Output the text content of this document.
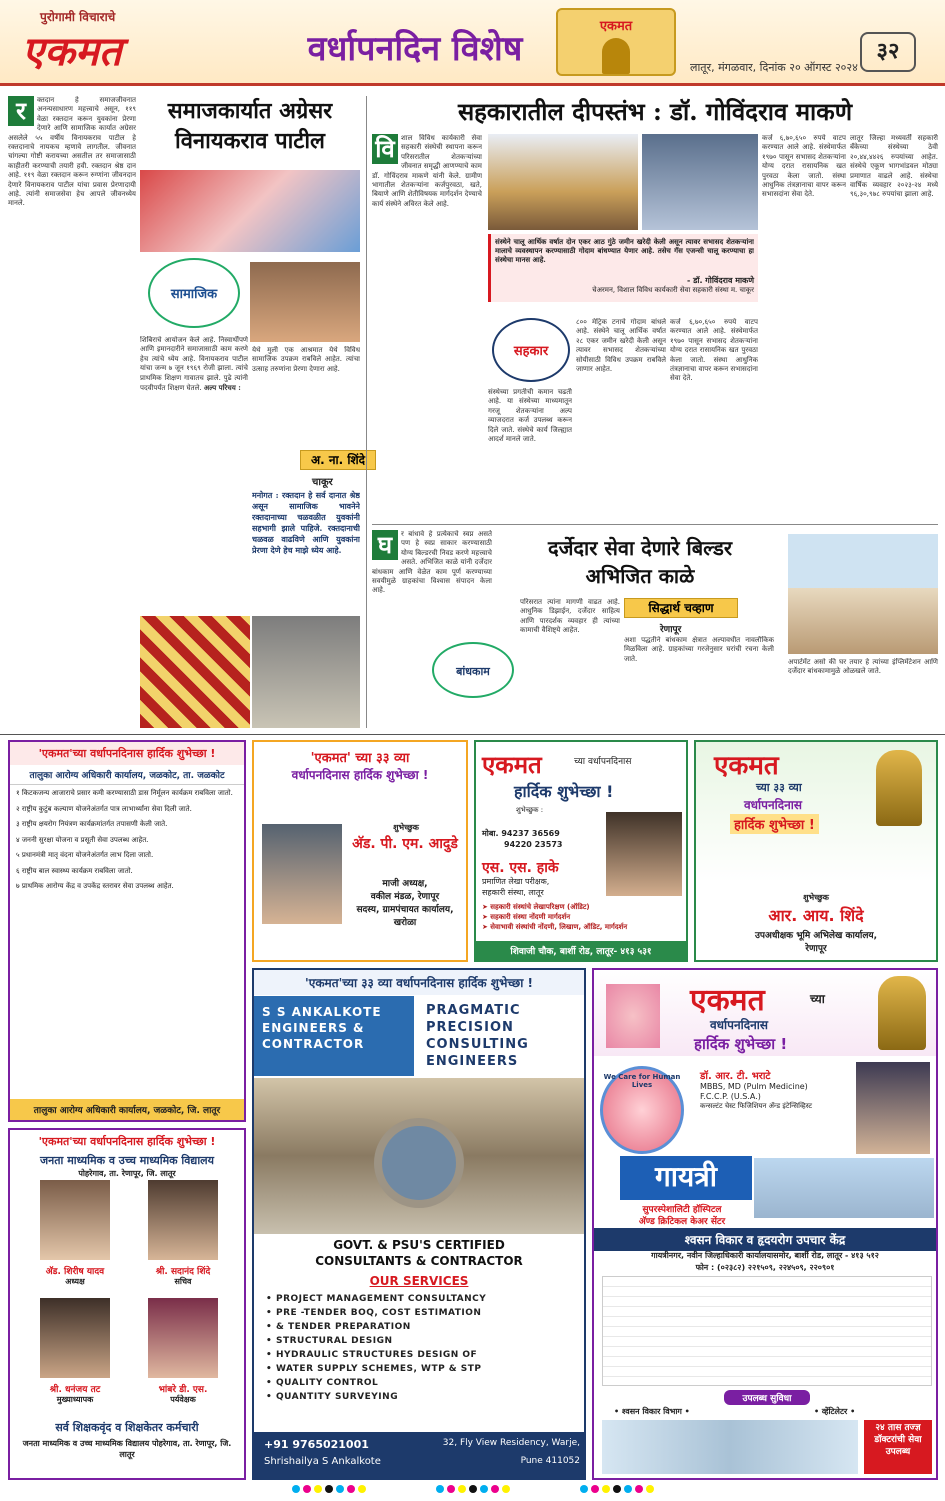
पुरोगामी विचाराचे
एकमत	वर्धापनदिन विशेष
एकमत
३२
लातूर, मंगळवार, दिनांक २० ऑगस्ट २०२४
र	क्तदान हे समाजजीवनात अनन्यसाधारण महत्त्वाचे असून, ११९ वेळा रक्तदान करून युवकांना प्रेरणा देणारे आणि सामाजिक कार्यात अग्रेसर असलेले ५५ वर्षीय विनायकराव पाटील हे रक्तदानाचे नायकच म्हणावे लागतील. जीवनात चांगल्या गोष्टी करायच्या असतील तर समाजासाठी काहीतरी करण्याची तयारी हवी. रक्तदान श्रेष्ठ दान आहे. ११९ वेळा रक्तदान करून रुग्णांना जीवनदान देणारे विनायकराव पाटील यांचा प्रवास प्रेरणादायी आहे. त्यांनी समाजसेवा हेच आपले जीवनध्येय मानले.
समाजकार्यात अग्रेसर
विनायकराव पाटील
सामाजिक
शिबिराचे आयोजन केले आहे. निस्वार्थीपणे आणि इमानदारीने समाजासाठी काम करणे हेच त्यांचे ध्येय आहे. विनायकराव पाटील यांचा जन्म ७ जून १९६९ रोजी झाला. त्यांचे प्राथमिक शिक्षण गावातच झाले. पुढे त्यांनी पदवीपर्यंत शिक्षण घेतले. अल्प परिचय :
येथे मुली एक आश्रमात येथे विविध सामाजिक उपक्रम राबविले आहेत. त्यांचा उत्साह तरुणांना प्रेरणा देणारा आहे.
अ. ना. शिंदे
चाकूर
मनोगत : रक्तदान हे सर्व दानात श्रेष्ठ असून सामाजिक भावनेने रक्तदानाच्या चळवळीत युवकांनी सहभागी झाले पाहिजे. रक्तदानाची चळवळ वाढविणे आणि युवकांना प्रेरणा देणे हेच माझे ध्येय आहे.
सहकारातील दीपस्तंभ : डॉ. गोविंदराव माकणे
वि शाल विविध कार्यकारी सेवा सहकारी संस्थेची स्थापना करून परिसरातील शेतकऱ्यांच्या जीवनात समृद्धी आणण्याचे काम डॉ. गोविंदराव माकणे यांनी केले. ग्रामीण भागातील शेतकऱ्यांना कर्जपुरवठा, खते, बियाणे आणि शेतीविषयक मार्गदर्शन देण्याचे कार्य संस्थेने अविरत केले आहे.
संस्थेने चालू आर्थिक वर्षात दोन एकर आठ गुंठे जमीन खरेदी केली असून त्यावर सभासद शेतकऱ्यांना मालाचे व्यवस्थापन करण्यासाठी गोदाम बांधण्यात येणार आहे. तसेच गॅस एजन्सी चालू करण्याचा हा संस्थेचा मानस आहे.
- डॉ. गोविंदराव माकणे
चेअरमन, विशाल विविध कार्यकारी सेवा सहकारी संस्था म. चाकूर
कर्ज ६,७०,६५० रुपये वाटप करण्यात आले आहे. संस्थेमार्फत १९७० पासून सभासद शेतकऱ्यांना योग्य दरात रासायनिक खत पुरवठा केला जातो. संस्था आधुनिक तंत्रज्ञानाचा वापर करून सभासदांना सेवा देते.
लातूर जिल्हा मध्यवर्ती सहकारी बँकेच्या संस्थेच्या ठेवी २०,४४,४४२६ रुपयांच्या आहेत. संस्थेचे एकूण भागभांडवल मोठ्या प्रमाणात वाढले आहे. संस्थेचा वार्षिक व्यवहार २०२३-२४ मध्ये ९६,३०,९७८ रुपयांचा झाला आहे.
सहकार
८०० मेट्रिक टनाचे गोदाम बांधले आहे. संस्थेने चालू आर्थिक वर्षात २८ एकर जमीन खरेदी केली असून त्यावर सभासद शेतकऱ्यांच्या सोयीसाठी विविध उपक्रम राबविले जाणार आहेत.
संस्थेच्या प्रगतीची कमान चढती आहे. या संस्थेच्या माध्यमातून गरजू शेतकऱ्यांना अल्प व्याजदरात कर्ज उपलब्ध करून दिले जाते. संस्थेचे कार्य जिल्ह्यात आदर्श मानले जाते.
कर्ज ६,७०,६५० रुपये वाटप करण्यात आले आहे. संस्थेमार्फत १९७० पासून सभासद शेतकऱ्यांना योग्य दरात रासायनिक खत पुरवठा केला जातो. संस्था आधुनिक तंत्रज्ञानाचा वापर करून सभासदांना सेवा देते.
घ	र बांधावे हे प्रत्येकाचे स्वप्न असते पण हे स्वप्न साकार करण्यासाठी योग्य बिल्डरची निवड करणे महत्त्वाचे असते. अभिजित काळे यांनी दर्जेदार बांधकाम आणि वेळेत काम पूर्ण करण्याच्या सवयीमुळे ग्राहकांचा विश्वास संपादन केला आहे.
दर्जेदार सेवा देणारे बिल्डर
अभिजित काळे
बांधकाम
परिसरात त्यांना मागणी वाढत आहे. आधुनिक डिझाईन, दर्जेदार साहित्य आणि पारदर्शक व्यवहार ही त्यांच्या कामाची वैशिष्ट्ये आहेत.
सिद्धार्थ चव्हाण
रेणापूर
अशा पद्धतीने बांधकाम क्षेत्रात अल्पावधीत नावलौकिक मिळविला आहे. ग्राहकांच्या गरजेनुसार घरांची रचना केली जाते.	अपार्टमेंट असो की घर तयार हे त्यांच्या इंप्लिमेंटेशन आणि दर्जेदार बांधकामामुळे ओळखले जाते.
'एकमत'च्या वर्धापनदिनास हार्दिक शुभेच्छा !
तालुका आरोग्य अधिकारी कार्यालय, जळकोट, ता. जळकोट
१ किटकजन्य आजाराचे प्रसार कमी करण्यासाठी डास निर्मूलन कार्यक्रम राबविला जातो.
२ राष्ट्रीय कुटुंब कल्याण योजनेअंतर्गत पात्र लाभार्थ्यांना सेवा दिली जाते.
३ राष्ट्रीय क्षयरोग नियंत्रण कार्यक्रमांतर्गत तपासणी केली जाते.
४ जननी सुरक्षा योजना व प्रसूती सेवा उपलब्ध आहेत.
५ प्रधानमंत्री मातृ वंदना योजनेअंतर्गत लाभ दिला जातो.
६ राष्ट्रीय बाल स्वास्थ्य कार्यक्रम राबविला जातो.
७ प्राथमिक आरोग्य केंद्र व उपकेंद्र स्तरावर सेवा उपलब्ध आहेत.
तालुका आरोग्य अधिकारी कार्यालय, जळकोट, जि. लातूर
'एकमत'च्या वर्धापनदिनास हार्दिक शुभेच्छा !
जनता माध्यमिक व उच्च माध्यमिक विद्यालय
पोहरेगाव, ता. रेणापूर, जि. लातूर
अ‍ॅड. शिरीष यादव
अध्यक्ष
श्री. सदानंद शिंदे
सचिव
श्री. धनंजय तट
मुख्याध्यापक
भांबरे डी. एस.
पर्यवेक्षक
सर्व शिक्षकवृंद व शिक्षकेतर कर्मचारी
जनता माध्यमिक व उच्च माध्यमिक विद्यालय पोहरेगाव, ता. रेणापूर, जि. लातूर
'एकमत' च्या ३३ व्या
वर्धापनदिनास हार्दिक शुभेच्छा !
शुभेच्छुक
अ‍ॅड. पी. एम. आदुडे
माजी अध्यक्ष,
वकील मंडळ, रेणापूर
सदस्य, ग्रामपंचायत कार्यालय,
खरोळा
एकमत	च्या वर्धापनदिनास
हार्दिक शुभेच्छा !
शुभेच्छुक :
मोबा. 94237 36569
94220 23573
एस. एस. हाके
प्रमाणित लेखा परीक्षक,
सहकारी संस्था, लातूर
➤ सहकारी संस्थांचे लेखापरिक्षण (ऑडिट)
➤ सहकारी संस्था नोंदणी मार्गदर्शन
➤ सेवाभावी संस्थांची नोंदणी, लिखाण, ऑडिट, मार्गदर्शन
शिवाजी चौक, बार्शी रोड, लातूर- ४१३ ५३१
एकमत
च्या ३३ व्या
वर्धापनदिनास
हार्दिक शुभेच्छा !
शुभेच्छुक
आर. आय. शिंदे
उपअधीक्षक भूमि अभिलेख कार्यालय,
रेणापूर
'एकमत'च्या ३३ व्या वर्धापनदिनास हार्दिक शुभेच्छा !
S S ANKALKOTE ENGINEERS & CONTRACTOR
PRAGMATIC PRECISION CONSULTING ENGINEERS
GOVT. & PSU'S CERTIFIED
CONSULTANTS & CONTRACTOR
OUR SERVICES
• PROJECT MANAGEMENT CONSULTANCY
• PRE -TENDER BOQ, COST ESTIMATION
• & TENDER PREPARATION
• STRUCTURAL DESIGN
• HYDRAULIC STRUCTURES DESIGN OF
• WATER SUPPLY SCHEMES, WTP & STP
• QUALITY CONTROL
• QUANTITY SURVEYING
+91 9765021001
Shrishailya S Ankalkote
32, Fly View Residency, Warje,
Pune 411052
एकमत	च्या
वर्धापनदिनास
हार्दिक शुभेच्छा !
We Care for Human Lives
डॉ. आर. टी. भराटे
MBBS, MD (Pulm Medicine)
F.C.C.P. (U.S.A.)
कन्सल्टंट चेस्ट फिजिशियन अ‍ॅन्ड इंटेन्सिव्हिस्ट
गायत्री
सुपरस्पेशालिटी हॉस्पिटल
अ‍ॅण्ड क्रिटिकल केअर सेंटर
श्वसन विकार व हृदयरोग उपचार केंद्र
गायत्रीनगर, नवीन जिल्हाधिकारी कार्यालयासमोर, बार्शी रोड, लातूर - ४१३ ५१२
फोन : (०२३८२) २२१५०९, २२४५०९, २२०९०१
उपलब्ध सुविधा
• श्वसन विकार विभाग •	• व्हेंटिलेटर •
२४ तास तज्ज्ञ डॉक्टरांची सेवा उपलब्ध
